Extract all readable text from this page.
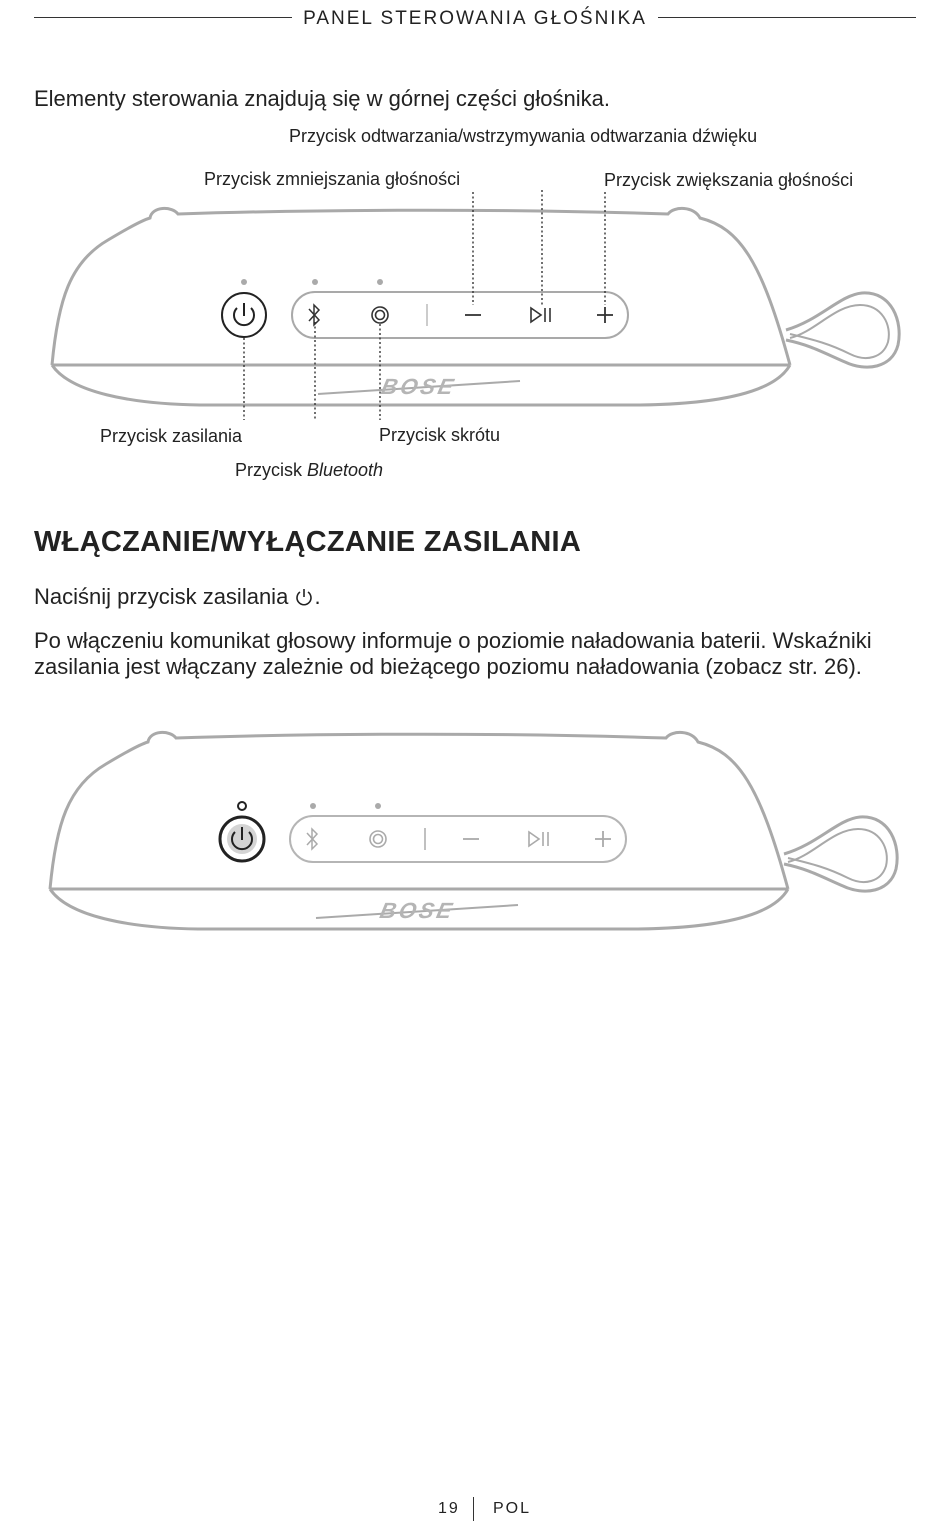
PANEL STEROWANIA GŁOŚNIKA
Elementy sterowania znajdują się w górnej części głośnika.
Przycisk odtwarzania/wstrzymywania odtwarzania dźwięku
Przycisk zmniejszania głośności	Przycisk zwiększania głośności
Przycisk zasilania	Przycisk skrótu
Przycisk Bluetooth
BOSE
WŁĄCZANIE/WYŁĄCZANIE ZASILANIA

Naciśnij przycisk zasilania .

Po włączeniu komunikat głosowy informuje o poziomie naładowania baterii. Wskaźniki zasilania jest włączany zależnie od bieżącego poziomu naładowania (zobacz str. 26).

BOSE
19 POL
